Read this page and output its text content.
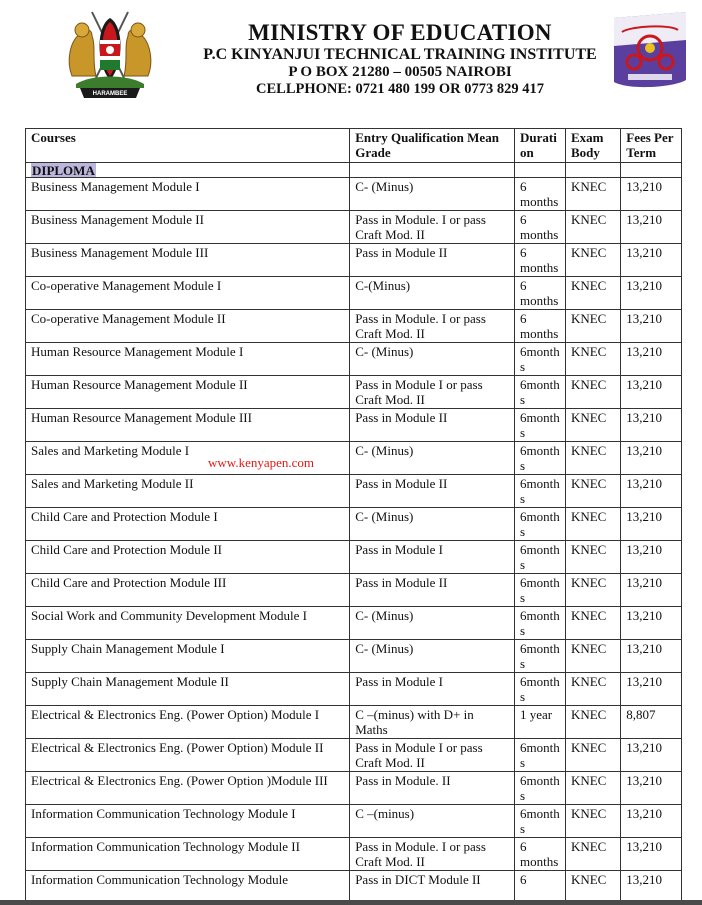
HARAMBEE
MINISTRY OF EDUCATION
P.C KINYANJUI TECHNICAL TRAINING INSTITUTE
P O BOX 21280 – 00505 NAIROBI
CELLPHONE: 0721 480 199 OR 0773 829 417
Courses	Entry Qualification Mean Grade	Durati on	Exam Body	Fees Per Term
DIPLOMA				
Business Management Module I	C- (Minus)	6 months	KNEC	13,210
Business Management Module II	Pass in Module. I or pass Craft Mod. II	6 months	KNEC	13,210
Business Management Module III	Pass in Module II	6 months	KNEC	13,210
Co-operative Management Module I	C-(Minus)	6 months	KNEC	13,210
Co-operative Management Module II	Pass in Module. I or pass Craft Mod. II	6 months	KNEC	13,210
Human Resource Management Module I	C- (Minus)	6month s	KNEC	13,210
Human Resource Management Module II	Pass in Module I or pass Craft Mod. II	6month s	KNEC	13,210
Human Resource Management Module III	Pass in Module II	6month s	KNEC	13,210
Sales and Marketing Module I	C- (Minus)	6month s	KNEC	13,210
Sales and Marketing Module II	Pass in Module II	6month s	KNEC	13,210
Child Care and Protection Module I	C- (Minus)	6month s	KNEC	13,210
Child Care and Protection Module II	Pass in Module I	6month s	KNEC	13,210
Child Care and Protection Module III	Pass in Module II	6month s	KNEC	13,210
Social Work and Community Development Module I	C- (Minus)	6month s	KNEC	13,210
Supply Chain Management Module I	C- (Minus)	6month s	KNEC	13,210
Supply Chain Management Module II	Pass in Module I	6month s	KNEC	13,210
Electrical & Electronics Eng. (Power Option) Module I	C –(minus) with D+ in Maths	1 year	KNEC	8,807
Electrical & Electronics Eng. (Power Option) Module II	Pass in Module I or pass Craft Mod. II	6month s	KNEC	13,210
Electrical & Electronics Eng. (Power Option )Module III	Pass in Module. II	6month s	KNEC	13,210
Information Communication Technology Module I	C –(minus)	6month s	KNEC	13,210
Information Communication Technology Module II	Pass in Module. I or pass Craft Mod. II	6 months	KNEC	13,210
Information Communication Technology Module	Pass in DICT Module II	6	KNEC	13,210
www.kenyapen.com
